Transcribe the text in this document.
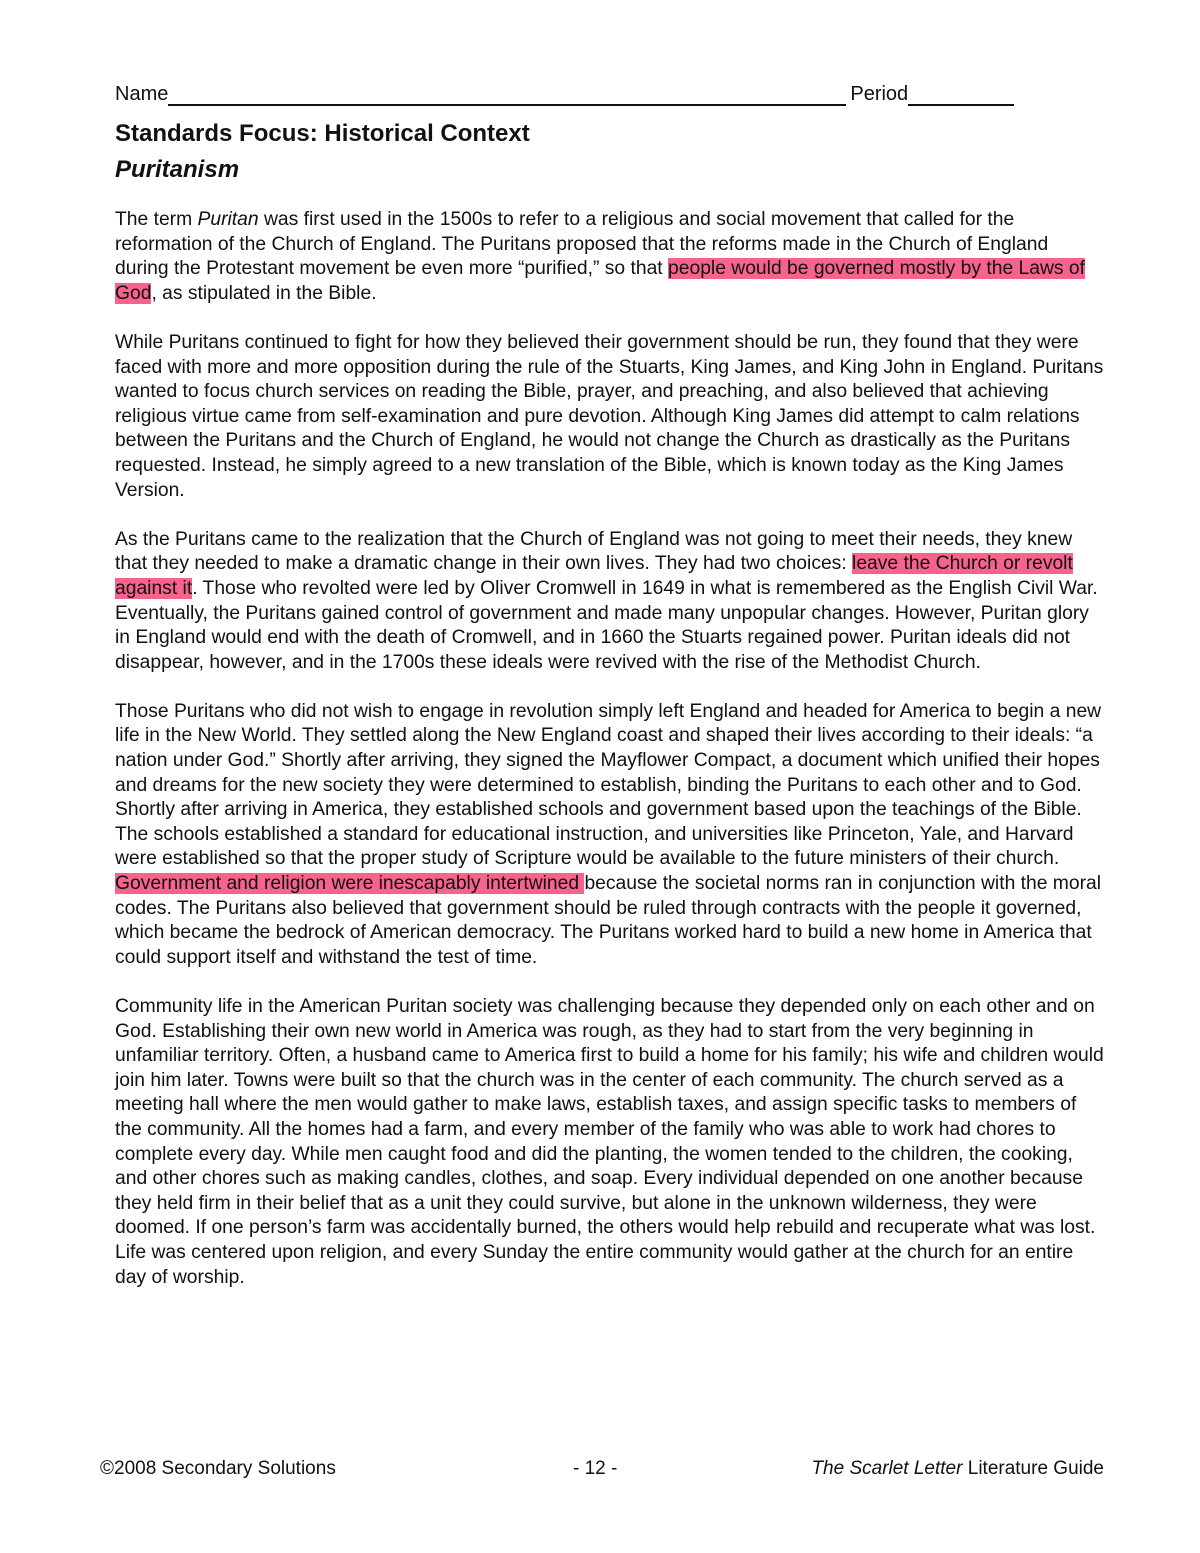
Name	Period
Standards Focus: Historical Context
Puritanism

The term Puritan was first used in the 1500s to refer to a religious and social movement that called for the reformation of the Church of England. The Puritans proposed that the reforms made in the Church of England during the Protestant movement be even more “purified,” so that people would be governed mostly by the Laws of God, as stipulated in the Bible.

While Puritans continued to fight for how they believed their government should be run, they found that they were faced with more and more opposition during the rule of the Stuarts, King James, and King John in England. Puritans wanted to focus church services on reading the Bible, prayer, and preaching, and also believed that achieving religious virtue came from self-examination and pure devotion. Although King James did attempt to calm relations between the Puritans and the Church of England, he would not change the Church as drastically as the Puritans requested. Instead, he simply agreed to a new translation of the Bible, which is known today as the King James Version.

As the Puritans came to the realization that the Church of England was not going to meet their needs, they knew that they needed to make a dramatic change in their own lives. They had two choices: leave the Church or revolt against it. Those who revolted were led by Oliver Cromwell in 1649 in what is remembered as the English Civil War. Eventually, the Puritans gained control of government and made many unpopular changes. However, Puritan glory in England would end with the death of Cromwell, and in 1660 the Stuarts regained power. Puritan ideals did not disappear, however, and in the 1700s these ideals were revived with the rise of the Methodist Church.

Those Puritans who did not wish to engage in revolution simply left England and headed for America to begin a new life in the New World. They settled along the New England coast and shaped their lives according to their ideals: “a nation under God.” Shortly after arriving, they signed the Mayflower Compact, a document which unified their hopes and dreams for the new society they were determined to establish, binding the Puritans to each other and to God. Shortly after arriving in America, they established schools and government based upon the teachings of the Bible. The schools established a standard for educational instruction, and universities like Princeton, Yale, and Harvard were established so that the proper study of Scripture would be available to the future ministers of their church. Government and religion were inescapably intertwined because the societal norms ran in conjunction with the moral codes. The Puritans also believed that government should be ruled through contracts with the people it governed, which became the bedrock of American democracy. The Puritans worked hard to build a new home in America that could support itself and withstand the test of time.

Community life in the American Puritan society was challenging because they depended only on each other and on God. Establishing their own new world in America was rough, as they had to start from the very beginning in unfamiliar territory. Often, a husband came to America first to build a home for his family; his wife and children would join him later. Towns were built so that the church was in the center of each community. The church served as a meeting hall where the men would gather to make laws, establish taxes, and assign specific tasks to members of the community. All the homes had a farm, and every member of the family who was able to work had chores to complete every day. While men caught food and did the planting, the women tended to the children, the cooking, and other chores such as making candles, clothes, and soap. Every individual depended on one another because they held firm in their belief that as a unit they could survive, but alone in the unknown wilderness, they were doomed. If one person’s farm was accidentally burned, the others would help rebuild and recuperate what was lost. Life was centered upon religion, and every Sunday the entire community would gather at the church for an entire day of worship.

©2008 Secondary Solutions	- 12 -	The Scarlet Letter Literature Guide
